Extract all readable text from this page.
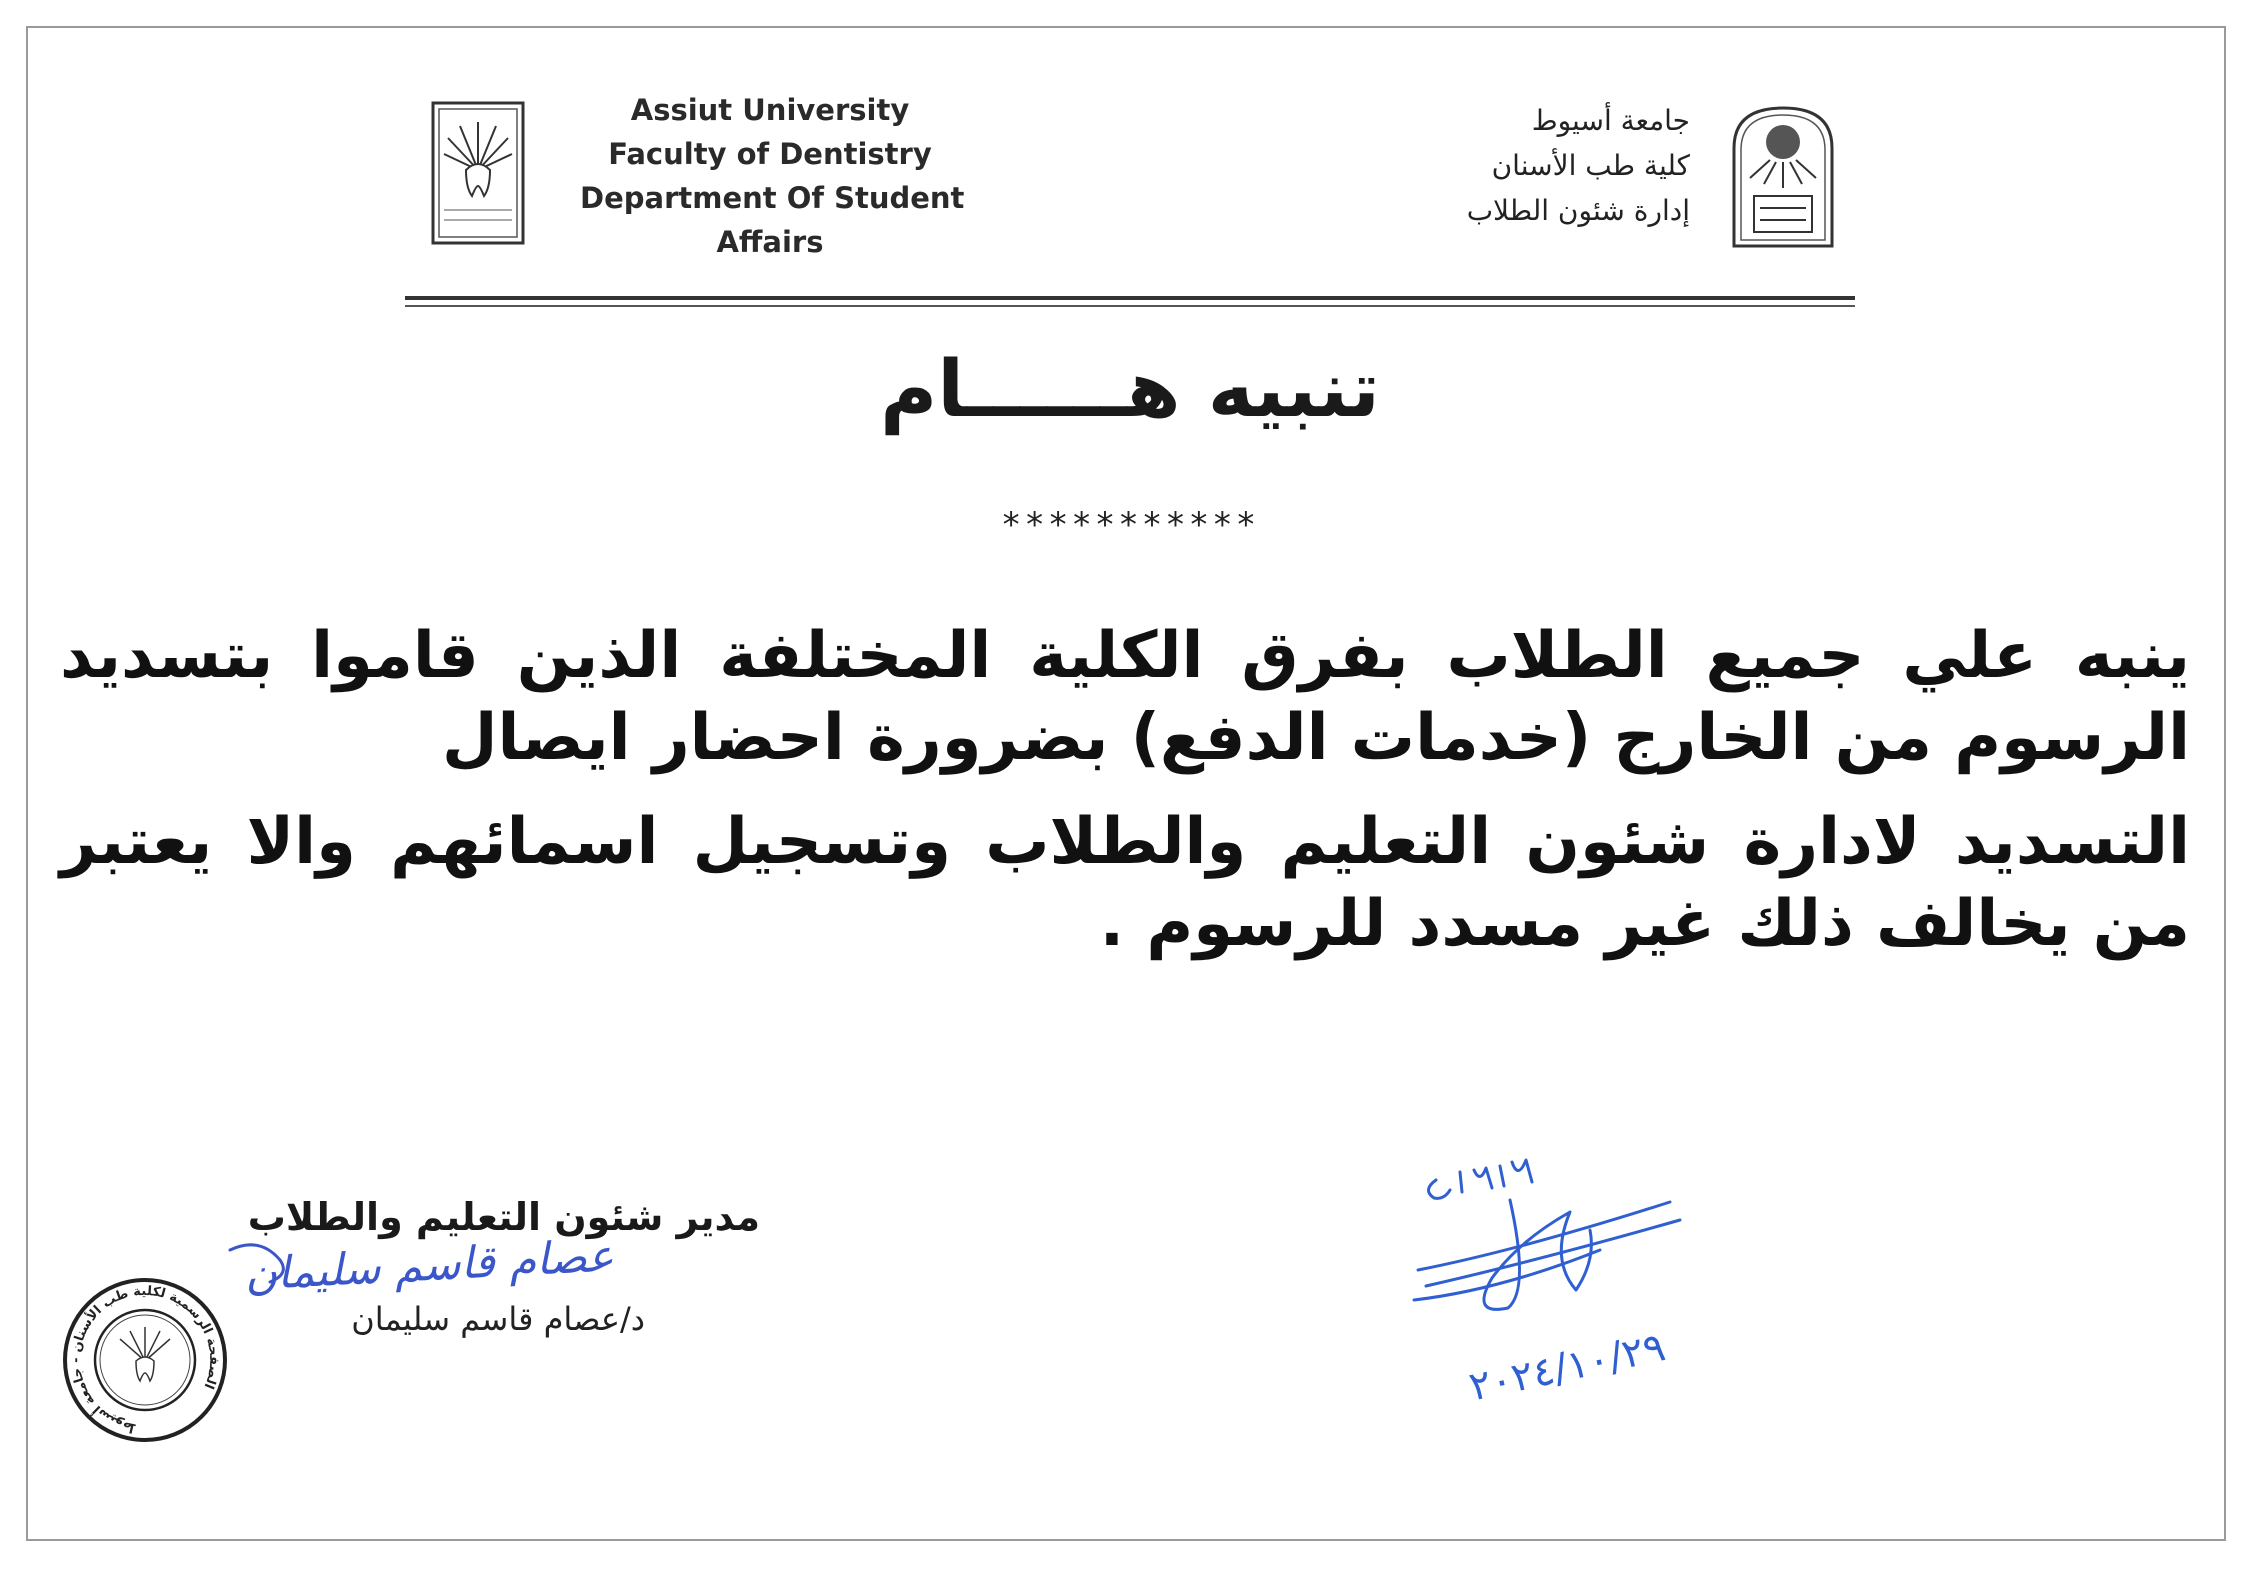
Assiut University
Faculty of Dentistry
Department Of Student
Affairs
جامعة أسيوط
كلية طب الأسنان
إدارة شئون الطلاب
تنبيه هــــــام
***********

ينبه علي جميع الطلاب بفرق الكلية المختلفة الذين قاموا بتسديد الرسوم من الخارج (خدمات الدفع) بضرورة احضار ايصال

التسديد لادارة شئون التعليم والطلاب وتسجيل اسمائهم والا يعتبر من يخالف ذلك غير مسدد للرسوم .

٢٠٢٤/١٠/٢٩
مدير شئون التعليم والطلاب
عصام قاسم سليمان
د/عصام قاسم سليمان
الصفحة الرسمية لكلية طب الأسنان - جامعة أسيوط
